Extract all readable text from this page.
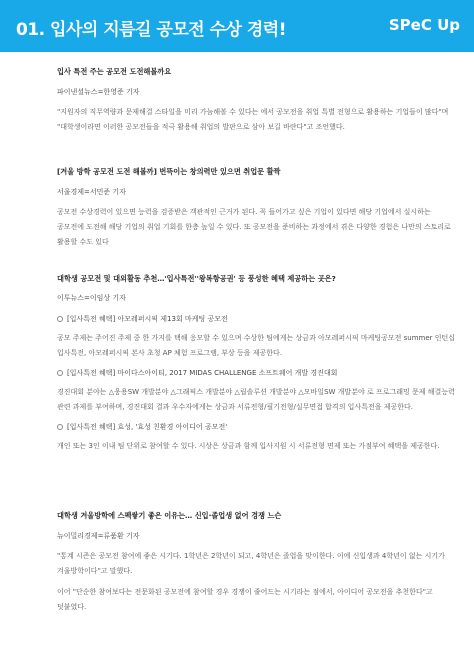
01. 입사의 지름길 공모전 수상 경력!	SPeC Up
입사 특전 주는 공모전 도전해볼까요
파이낸셜뉴스=한영준 기자
"지원자의 직무역량과 문제해결 스타일을 미리 가늠해볼 수 있다는 에서 공모전을 취업 특별 전형으로 활용하는 기업들이 많다"며 "대학생이라면 이러한 공모전들을 적극 활용해 취업의 발판으로 삼아 보길 바란다"고 조언했다.
[겨울 방학 공모전 도전 해볼까] 번뜩이는 창의력만 있으면 취업문 활짝
서울경제=서민준 기자
공모전 수상경력이 있으면 능력을 검증받은 객관적인 근거가 된다. 꼭 들어가고 싶은 기업이 있다면 해당 기업에서 실시하는 공모전에 도전해 해당 기업의 취업 기회를 한층 높일 수 있다. 또 공모전을 준비하는 과정에서 겪은 다양한 경험은 나만의 스토리로 활용할 수도 있다
대학생 공모전 및 대외활동 추천…'입사특전''왕복항공권' 등 풍성한 혜택 제공하는 곳은?
이투뉴스=이임상 기자
[입사특전 혜택] 아모레퍼시픽 제13회 마케팅 공모전
공모 주제는 주어진 주제 중 한 가지를 택해 응모할 수 있으며 수상한 팀에게는 상금과 아모레퍼시픽 마케팅공모전 summer 인턴십 입사특전, 아모레퍼시픽 본사 초청 AP 체험 프로그램, 부상 등을 제공한다.
[입사특전 혜택] 마이다스아이티, 2017 MIDAS CHALLENGE 소프트웨어 개발 경진대회
경진대회 분야는 △웅용SW 개발분야 △그래픽스 개발분야 △립솔루션 개발분야 △모바일SW 개발분야 로 프로그래밍 문제 해결능력 관련 과제를 부여하며, 경진대회 결과 우수자에게는 상금과 서류전형/필기전형/실무면접 합격의 입사특전을 제공한다.
[입사특전 혜택] 효성, '효성 친환경 아이디어 공모전'
개인 또는 3인 이내 팀 단위로 참여할 수 있다. 시상은 상금과 함께 입사지원 시 서류전형 면제 또는 가점부여 혜택을 제공한다.
대학생 겨울방학에 스펙쌓기 좋은 이유는… 신입·졸업생 없어 경쟁 느슨
뉴이밀리경제=류품환 기자
"통계 시즌은 공모전 참여에 좋은 시기다. 1학년은 2학년이 되고, 4학년은 졸업을 맞이한다. 이에 신입생과 4학년이 없는 시기가 겨울방학이다"고 말했다.
이어 "단순한 참여보다는 전문화된 공모전에 참여할 경우 경쟁이 줄어드는 시기라는 점에서, 아이디어 공모전을 추천한다"고 덧붙였다.
